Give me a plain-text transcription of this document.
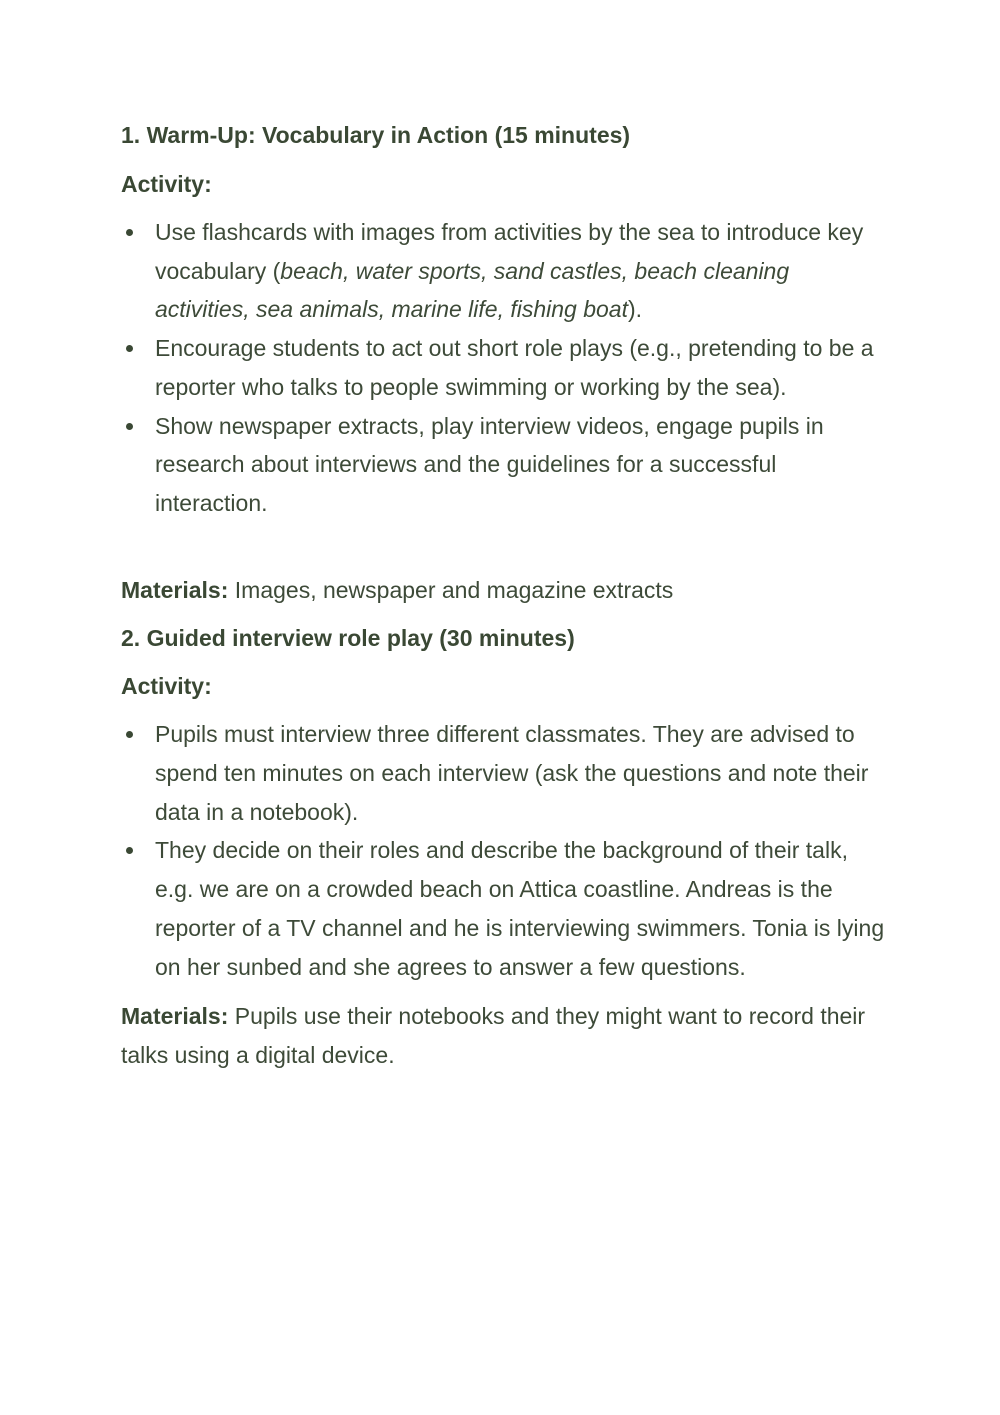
1. Warm-Up: Vocabulary in Action (15 minutes)
Activity:
Use flashcards with images from activities by the sea to introduce key vocabulary (beach, water sports, sand castles, beach cleaning activities, sea animals, marine life, fishing boat).
Encourage students to act out short role plays (e.g., pretending to be a reporter who talks to people swimming or working by the sea).
Show newspaper extracts, play interview videos, engage pupils in research about interviews and the guidelines for a successful interaction.

Materials: Images, newspaper and magazine extracts

2. Guided interview role play (30 minutes)
Activity:
Pupils must interview three different classmates. They are advised to spend ten minutes on each interview (ask the questions and note their data in a notebook).
They decide on their roles and describe the background of their talk, e.g. we are on a crowded beach on Attica coastline. Andreas is the reporter of a TV channel and he is interviewing swimmers. Tonia is lying on her sunbed and she agrees to answer a few questions.

Materials: Pupils use their notebooks and they might want to record their talks using a digital device.
